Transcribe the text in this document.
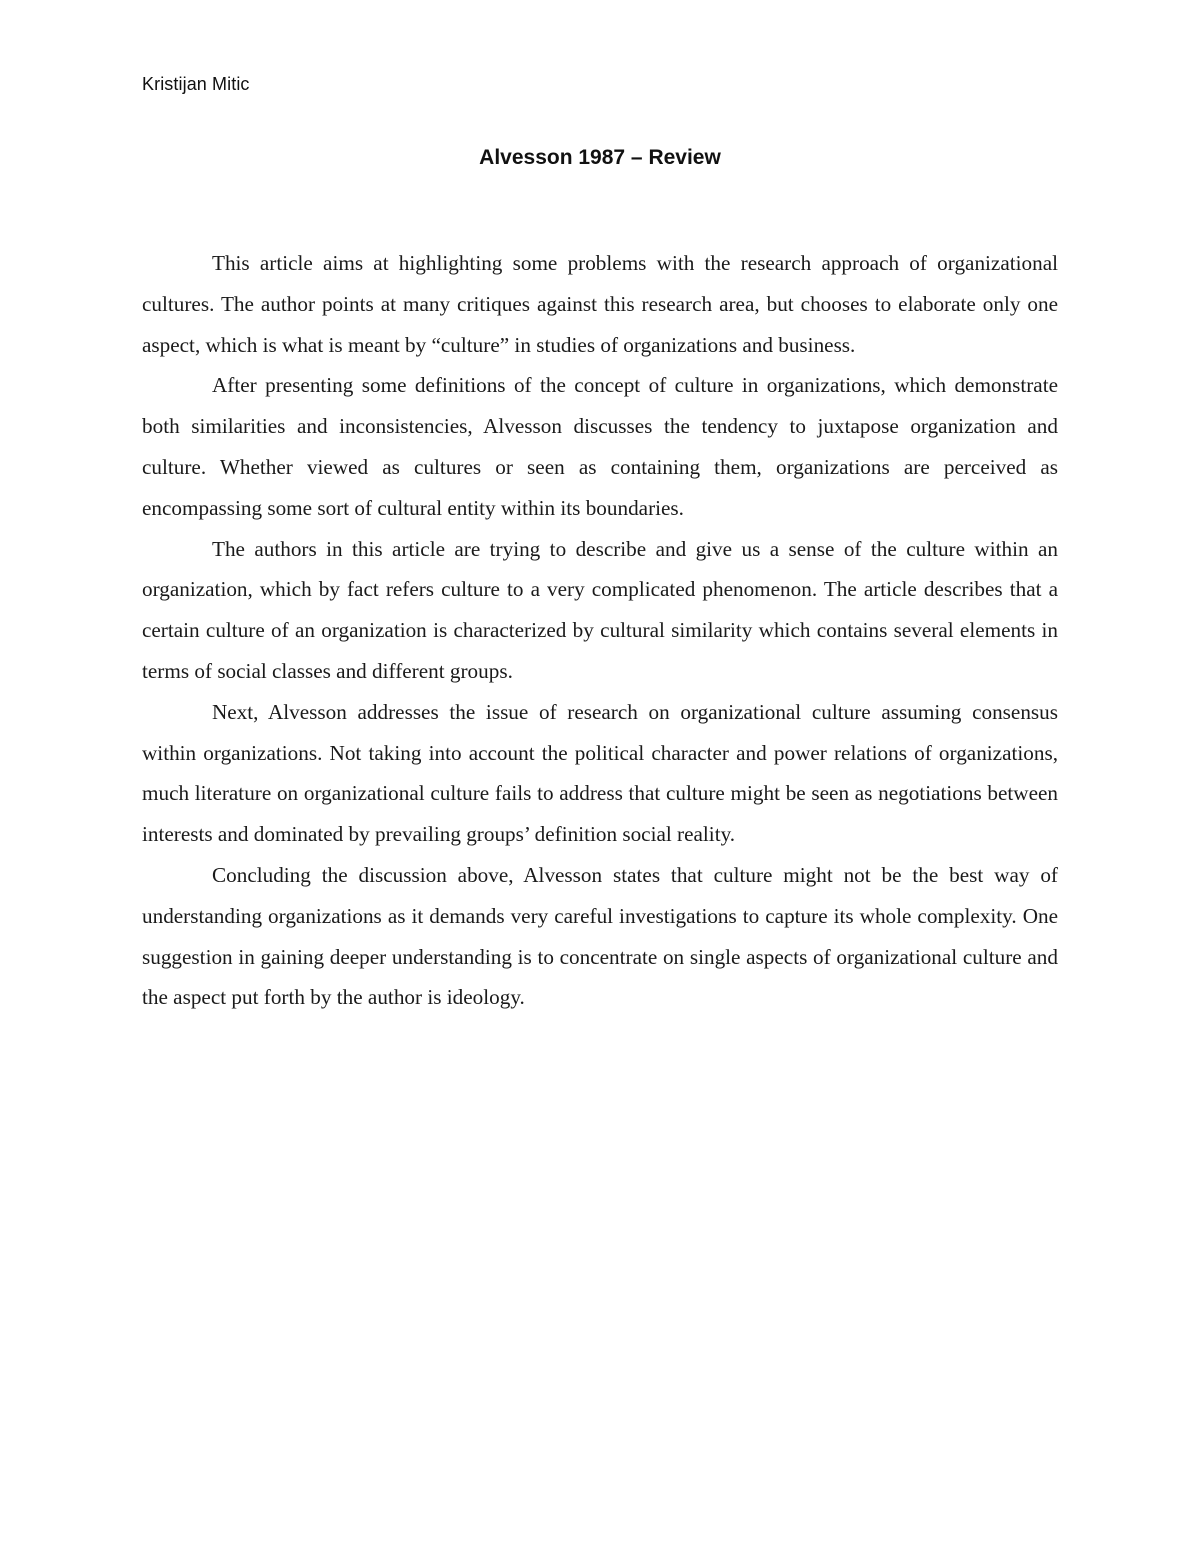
Kristijan Mitic
Alvesson 1987 – Review

This article aims at highlighting some problems with the research approach of organizational cultures. The author points at many critiques against this research area, but chooses to elaborate only one aspect, which is what is meant by “culture” in studies of organizations and business.

After presenting some definitions of the concept of culture in organizations, which demonstrate both similarities and inconsistencies, Alvesson discusses the tendency to juxtapose organization and culture. Whether viewed as cultures or seen as containing them, organizations are perceived as encompassing some sort of cultural entity within its boundaries.

The authors in this article are trying to describe and give us a sense of the culture within an organization, which by fact refers culture to a very complicated phenomenon. The article describes that a certain culture of an organization is characterized by cultural similarity which contains several elements in terms of social classes and different groups.

Next, Alvesson addresses the issue of research on organizational culture assuming consensus within organizations. Not taking into account the political character and power relations of organizations, much literature on organizational culture fails to address that culture might be seen as negotiations between interests and dominated by prevailing groups’ definition social reality.

Concluding the discussion above, Alvesson states that culture might not be the best way of understanding organizations as it demands very careful investigations to capture its whole complexity. One suggestion in gaining deeper understanding is to concentrate on single aspects of organizational culture and the aspect put forth by the author is ideology.
